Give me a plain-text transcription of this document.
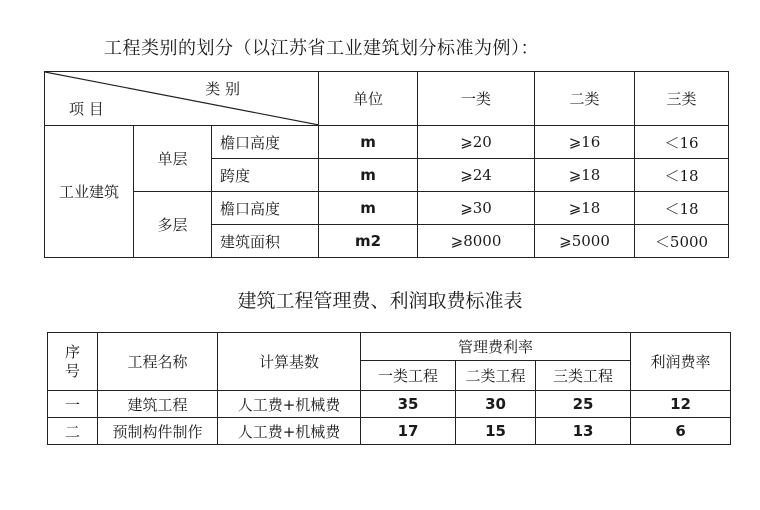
工程类别的划分（以江苏省工业建筑划分标准为例）：
类 别
项 目			单位	一类	二类	三类
工业建筑	单层	檐口高度	m	⩾20	⩾16	＜16
		跨度	m	⩾24	⩾18	＜18
	多层	檐口高度	m	⩾30	⩾18	＜18
		建筑面积	m2	⩾8000	⩾5000	＜5000
建筑工程管理费、利润取费标准表
序号	工程名称	计算基数	管理费利率			利润费率
			一类工程	二类工程	三类工程	
一	建筑工程	人工费+机械费	35	30	25	12
二	预制构件制作	人工费+机械费	17	15	13	6
